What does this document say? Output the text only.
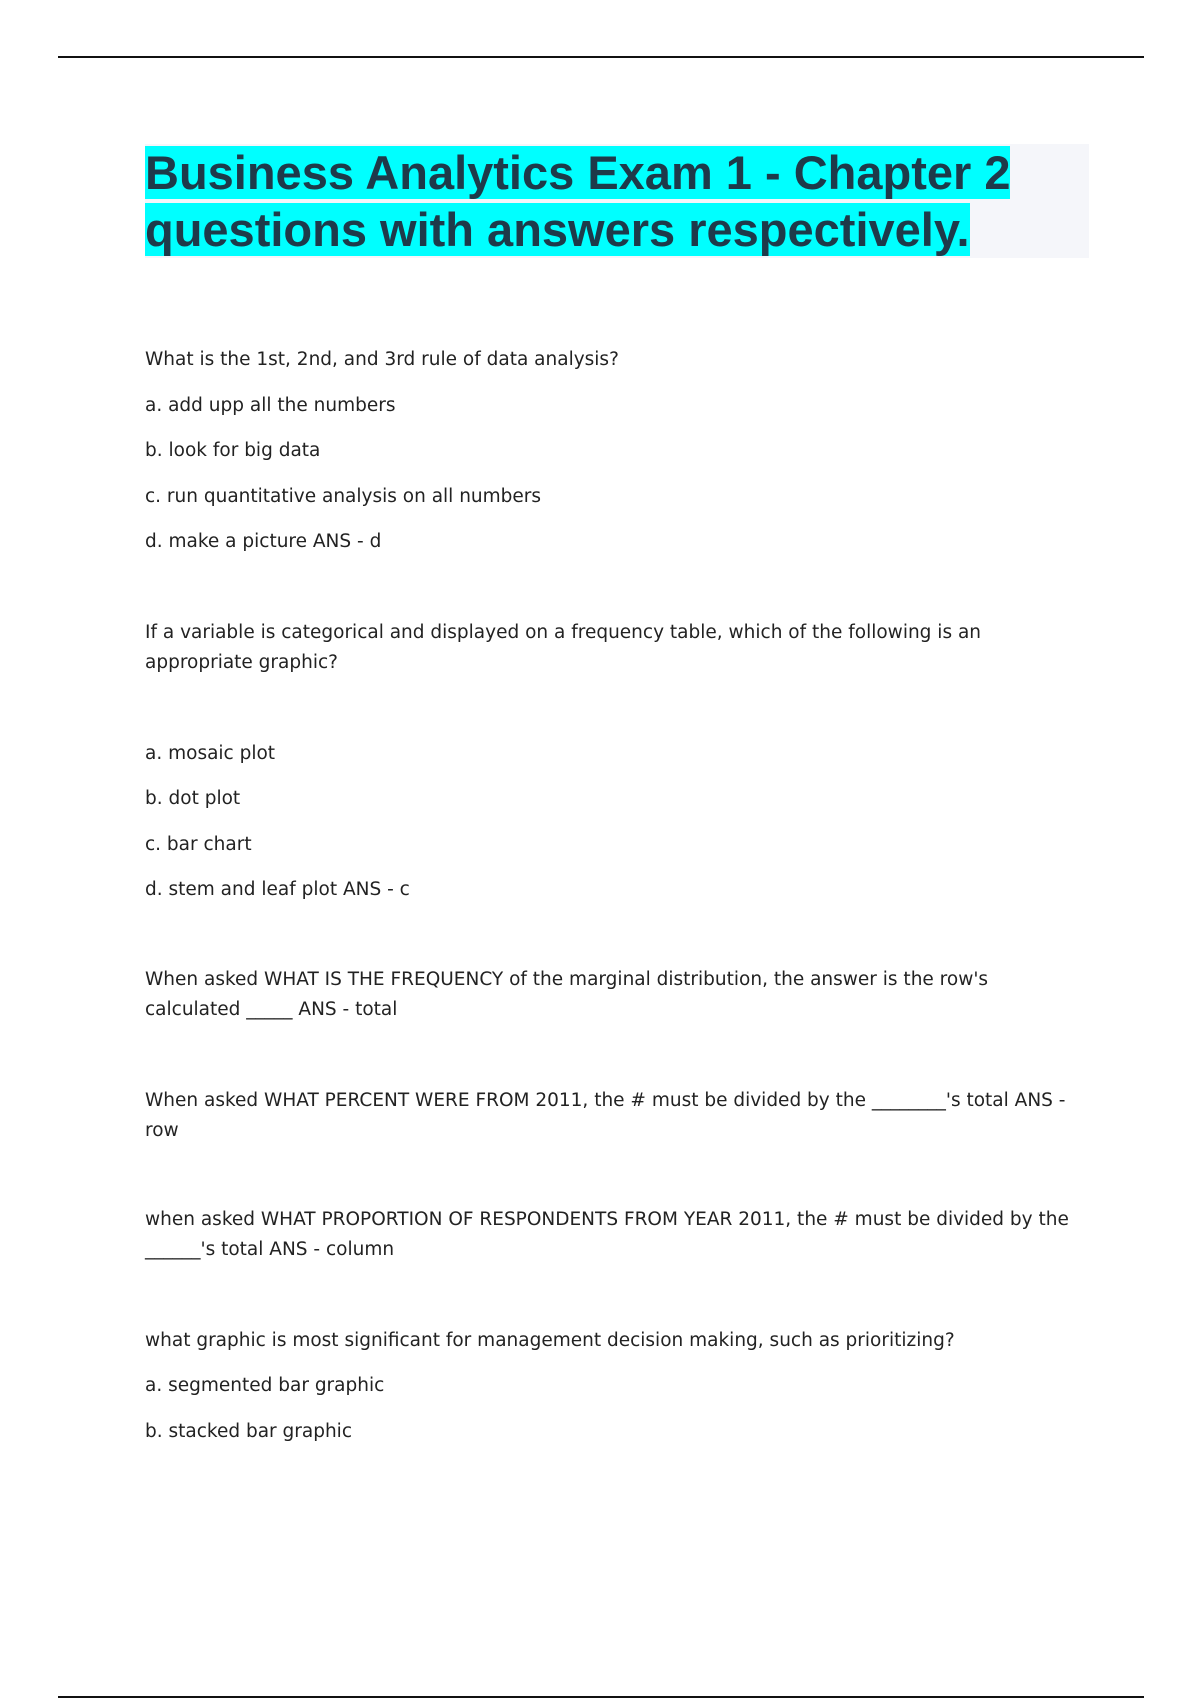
Business Analytics Exam 1 - Chapter 2 questions with answers respectively.
What is the 1st, 2nd, and 3rd rule of data analysis?
a. add upp all the numbers
b. look for big data
c. run quantitative analysis on all numbers
d. make a picture ANS - d
If a variable is categorical and displayed on a frequency table, which of the following is an appropriate graphic?
a. mosaic plot
b. dot plot
c. bar chart
d. stem and leaf plot ANS - c
When asked WHAT IS THE FREQUENCY of the marginal distribution, the answer is the row's calculated _____ ANS - total
When asked WHAT PERCENT WERE FROM 2011, the # must be divided by the ________'s total ANS - row
when asked WHAT PROPORTION OF RESPONDENTS FROM YEAR 2011, the # must be divided by the ______'s total ANS - column
what graphic is most significant for management decision making, such as prioritizing?
a. segmented bar graphic
b. stacked bar graphic
